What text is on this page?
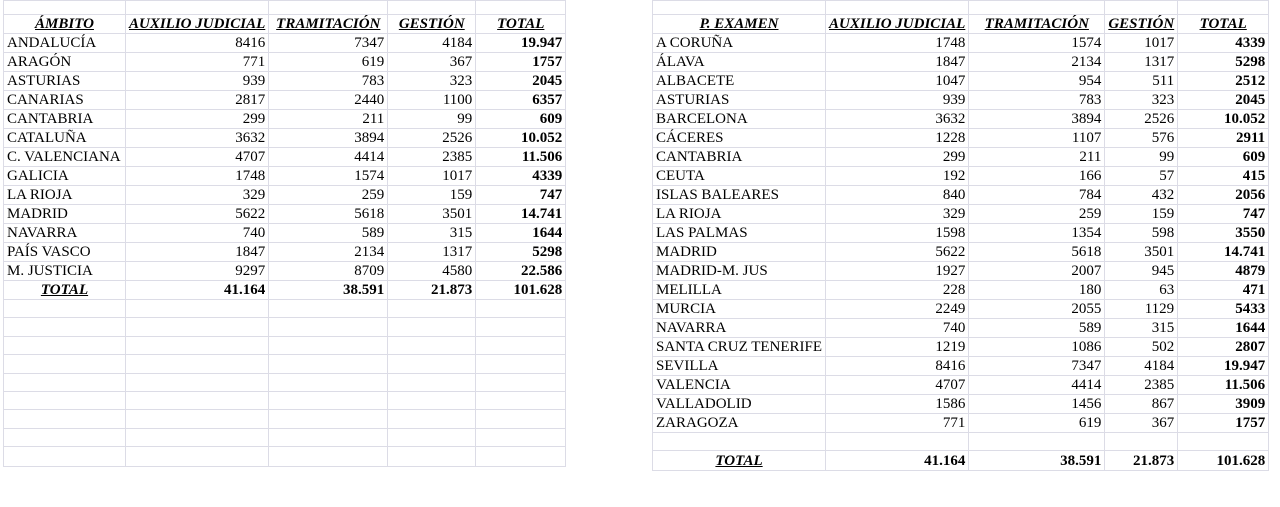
ÁMBITO	AUXILIO JUDICIAL	TRAMITACIÓN	GESTIÓN	TOTAL
ANDALUCÍA	8416	7347	4184	19.947
ARAGÓN	771	619	367	1757
ASTURIAS	939	783	323	2045
CANARIAS	2817	2440	1100	6357
CANTABRIA	299	211	99	609
CATALUÑA	3632	3894	2526	10.052
C. VALENCIANA	4707	4414	2385	11.506
GALICIA	1748	1574	1017	4339
LA RIOJA	329	259	159	747
MADRID	5622	5618	3501	14.741
NAVARRA	740	589	315	1644
PAÍS VASCO	1847	2134	1317	5298
M. JUSTICIA	9297	8709	4580	22.586
TOTAL	41.164	38.591	21.873	101.628

P. EXAMEN	AUXILIO JUDICIAL	TRAMITACIÓN	GESTIÓN	TOTAL
A CORUÑA	1748	1574	1017	4339
ÁLAVA	1847	2134	1317	5298
ALBACETE	1047	954	511	2512
ASTURIAS	939	783	323	2045
BARCELONA	3632	3894	2526	10.052
CÁCERES	1228	1107	576	2911
CANTABRIA	299	211	99	609
CEUTA	192	166	57	415
ISLAS BALEARES	840	784	432	2056
LA RIOJA	329	259	159	747
LAS PALMAS	1598	1354	598	3550
MADRID	5622	5618	3501	14.741
MADRID-M. JUS	1927	2007	945	4879
MELILLA	228	180	63	471
MURCIA	2249	2055	1129	5433
NAVARRA	740	589	315	1644
SANTA CRUZ TENERIFE	1219	1086	502	2807
SEVILLA	8416	7347	4184	19.947
VALENCIA	4707	4414	2385	11.506
VALLADOLID	1586	1456	867	3909
ZARAGOZA	771	619	367	1757

TOTAL	41.164	38.591	21.873	101.628
